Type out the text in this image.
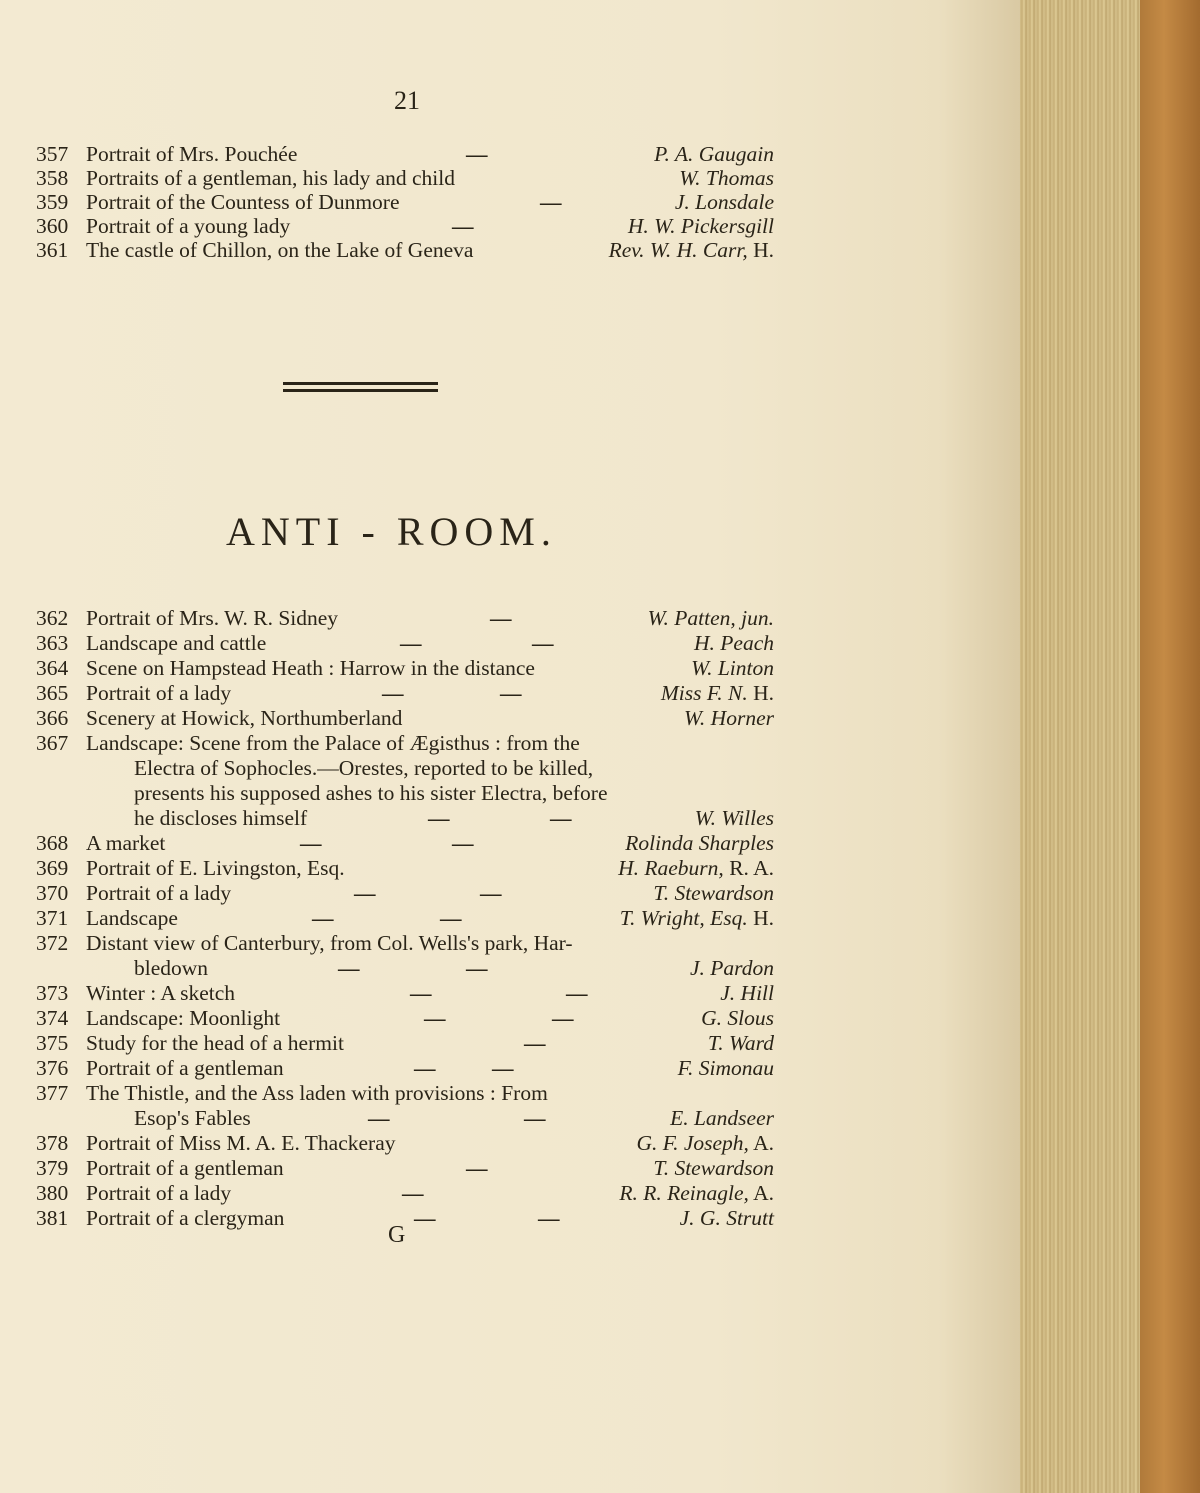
21
357 Portrait of Mrs. Pouchée	—	P. A. Gaugain
358 Portraits of a gentleman, his lady and child	W. Thomas
359 Portrait of the Countess of Dunmore	—	J. Lonsdale
360 Portrait of a young lady	—	H. W. Pickersgill
361 The castle of Chillon, on the Lake of Geneva	Rev. W. H. Carr, H.
ANTI - ROOM.
362 Portrait of Mrs. W. R. Sidney	—	W. Patten, jun.
363 Landscape and cattle	—	—	H. Peach
364 Scene on Hampstead Heath : Harrow in the distance	W. Linton
365 Portrait of a lady	—	—	Miss F. N. H.
366 Scenery at Howick, Northumberland	W. Horner
367 Landscape: Scene from the Palace of Ægisthus : from the
Electra of Sophocles.—Orestes, reported to be killed,
presents his supposed ashes to his sister Electra, before
he discloses himself	—	—	W. Willes
368 A market	—	—	Rolinda Sharples
369 Portrait of E. Livingston, Esq.	H. Raeburn, R. A.
370 Portrait of a lady	—	—	T. Stewardson
371 Landscape	—	—	T. Wright, Esq. H.
372 Distant view of Canterbury, from Col. Wells's park, Har-
bledown	—	—	J. Pardon
373 Winter : A sketch	—	—	J. Hill
374 Landscape: Moonlight	—	—	G. Slous
375 Study for the head of a hermit	—	T. Ward
376 Portrait of a gentleman	—	—	F. Simonau
377 The Thistle, and the Ass laden with provisions : From
Esop's Fables	—	—	E. Landseer
378 Portrait of Miss M. A. E. Thackeray	G. F. Joseph, A.
379 Portrait of a gentleman	—	T. Stewardson
380 Portrait of a lady	—	R. R. Reinagle, A.
381 Portrait of a clergyman	—	—	J. G. Strutt
G
